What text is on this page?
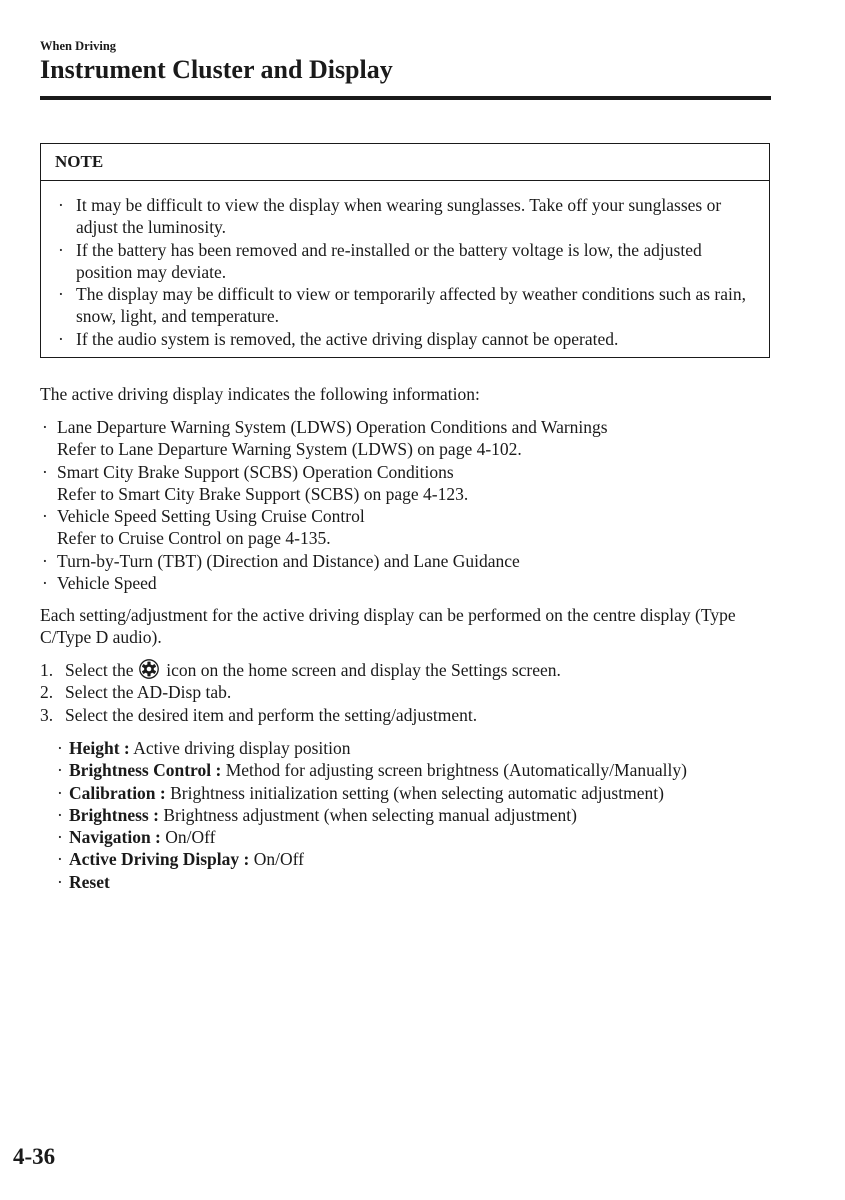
When Driving
Instrument Cluster and Display
NOTE
· It may be difficult to view the display when wearing sunglasses. Take off your sunglasses or adjust the luminosity.
· If the battery has been removed and re-installed or the battery voltage is low, the adjusted position may deviate.
· The display may be difficult to view or temporarily affected by weather conditions such as rain, snow, light, and temperature.
· If the audio system is removed, the active driving display cannot be operated.

The active driving display indicates the following information:

· Lane Departure Warning System (LDWS) Operation Conditions and Warnings
Refer to Lane Departure Warning System (LDWS) on page 4-102.
· Smart City Brake Support (SCBS) Operation Conditions
Refer to Smart City Brake Support (SCBS) on page 4-123.
· Vehicle Speed Setting Using Cruise Control
Refer to Cruise Control on page 4-135.
· Turn-by-Turn (TBT) (Direction and Distance) and Lane Guidance
· Vehicle Speed

Each setting/adjustment for the active driving display can be performed on the centre display (Type C/Type D audio).

1. Select the icon on the home screen and display the Settings screen.
2. Select the AD-Disp tab.
3. Select the desired item and perform the setting/adjustment.
· Height : Active driving display position
· Brightness Control : Method for adjusting screen brightness (Automatically/Manually)
· Calibration : Brightness initialization setting (when selecting automatic adjustment)
· Brightness : Brightness adjustment (when selecting manual adjustment)
· Navigation : On/Off
· Active Driving Display : On/Off
· Reset
4-36
